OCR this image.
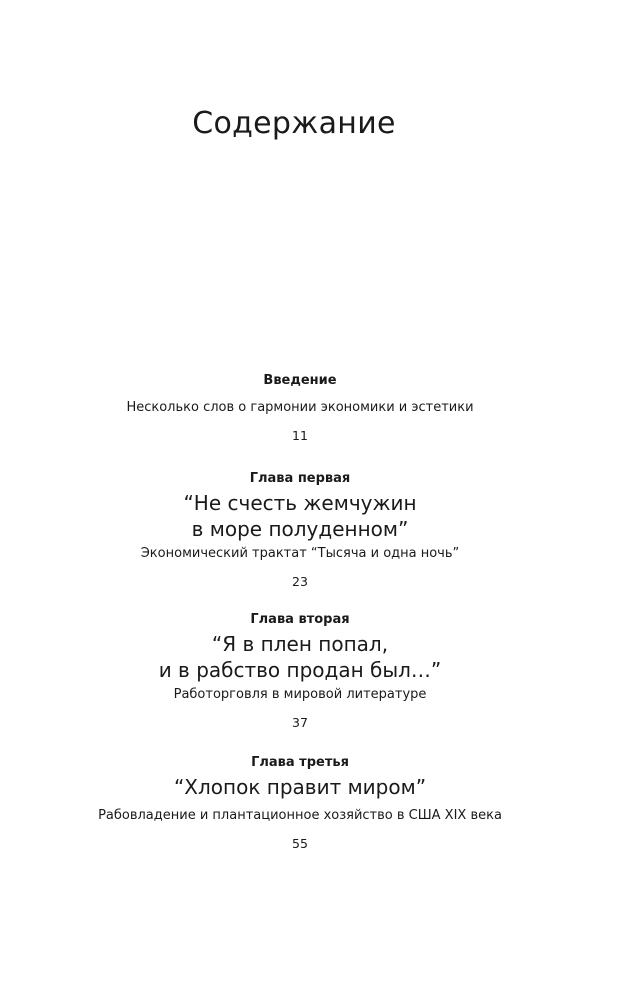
Содержание
Введение
Несколько слов о гармонии экономики и эстетики
11
Глава первая
“Не счесть жемчужин
в море полуденном”
Экономический трактат “Тысяча и одна ночь”
23
Глава вторая
“Я в плен попал,
и в рабство продан был…”
Работорговля в мировой литературе
37
Глава третья
“Хлопок правит миром”
Рабовладение и плантационное хозяйство в США XIX века
55
